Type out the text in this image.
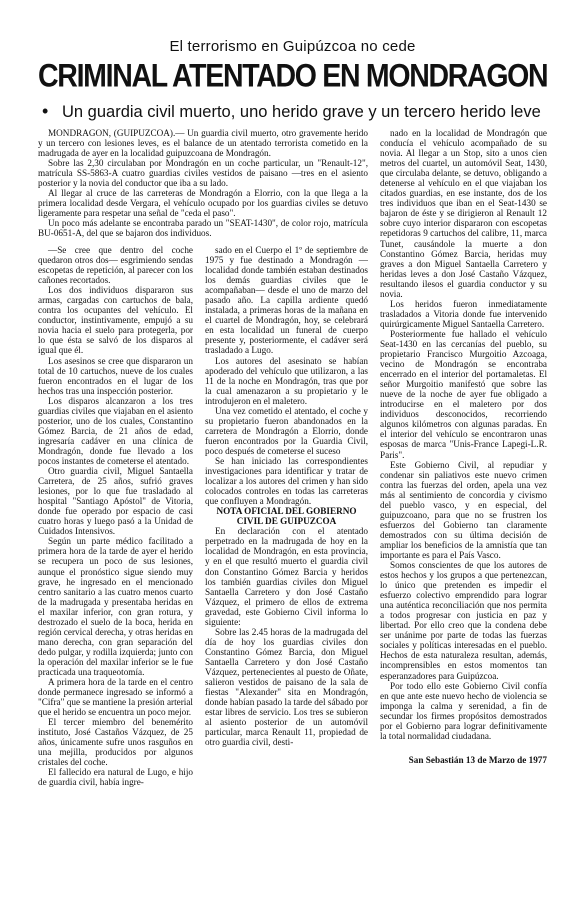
El terrorismo en Guipúzcoa no cede
CRIMINAL ATENTADO EN MONDRAGON
• Un guardia civil muerto, uno herido grave y un tercero herido leve

MONDRAGON, (GUIPUZCOA).— Un guardia civil muerto, otro gravemente herido y un tercero con lesiones leves, es el balance de un atentado terrorista cometido en la madrugada de ayer en la localidad guipuzcoana de Mondragón.

Sobre las 2,30 circulaban por Mondragón en un coche particular, un "Renault-12", matrícula SS-5863-A cuatro guardias civiles vestidos de paisano —tres en el asiento posterior y la novia del conductor que iba a su lado.

Al llegar al cruce de las carreteras de Mondragón a Elorrio, con la que llega a la primera localidad desde Vergara, el vehículo ocupado por los guardias civiles se detuvo ligeramente para respetar una señal de "ceda el paso".

Un poco más adelante se encontraba parado un "SEAT-1430", de color rojo, matrícula BU-0651-A, del que se bajaron dos individuos.

—Se cree que dentro del coche quedaron otros dos— esgrimiendo sendas escopetas de repetición, al parecer con los cañones recortados.

Los dos individuos dispararon sus armas, cargadas con cartuchos de bala, contra los ocupantes del vehículo. El conductor, instintivamente, empujó a su novia hacia el suelo para protegerla, por lo que ésta se salvó de los disparos al igual que él.

Los asesinos se cree que dispararon un total de 10 cartuchos, nueve de los cuales fueron encontrados en el lugar de los hechos tras una inspección posterior.

Los disparos alcanzaron a los tres guardias civiles que viajaban en el asiento posterior, uno de los cuales, Constantino Gómez Barcia, de 21 años de edad, ingresaría cadáver en una clínica de Mondragón, donde fue llevado a los pocos instantes de cometerse el atentado.

Otro guardia civil, Miguel Santaella Carretera, de 25 años, sufrió graves lesiones, por lo que fue trasladado al hospital "Santiago Apóstol" de Vitoria, donde fue operado por espacio de casi cuatro horas y luego pasó a la Unidad de Cuidados Intensivos.

Según un parte médico facilitado a primera hora de la tarde de ayer el herido se recupera un poco de sus lesiones, aunque el pronóstico sigue siendo muy grave, he ingresado en el mencionado centro sanitario a las cuatro menos cuarto de la madrugada y presentaba heridas en el maxilar inferior, con gran rotura, y destrozado el suelo de la boca, herida en región cervical derecha, y otras heridas en mano derecha, con gran separación del dedo pulgar, y rodilla izquierda; junto con la operación del maxilar inferior se le fue practicada una traqueotomía.

A primera hora de la tarde en el centro donde permanece ingresado se informó a "Cifra" que se mantiene la presión arterial que el herido se encuentra un poco mejor.

El tercer miembro del benemérito instituto, José Castaños Vázquez, de 25 años, únicamente sufre unos rasguños en una mejilla, producidos por algunos cristales del coche.

El fallecido era natural de Lugo, e hijo de guardia civil, había ingre-

sado en el Cuerpo el 1º de septiembre de 1975 y fue destinado a Mondragón —localidad donde también estaban destinados los demás guardias civiles que le acompañaban— desde el uno de marzo del pasado año. La capilla ardiente quedó instalada, a primeras horas de la mañana en el cuartel de Mondragón, hoy, se celebrará en esta localidad un funeral de cuerpo presente y, posteriormente, el cadáver será trasladado a Lugo.

Los autores del asesinato se habían apoderado del vehículo que utilizaron, a las 11 de la noche en Mondragón, tras que por la cual amenazaron a su propietario y le introdujeron en el maletero.

Una vez cometido el atentado, el coche y su propietario fueron abandonados en la carretera de Mondragón a Elorrio, donde fueron encontrados por la Guardia Civil, poco después de cometerse el suceso

Se han iniciado las correspondientes investigaciones para identificar y tratar de localizar a los autores del crimen y han sido colocados controles en todas las carreteras que confluyen a Mondragón.

NOTA OFICIAL DEL GOBIERNO CIVIL DE GUIPUZCOA

En declaración con el atentado perpetrado en la madrugada de hoy en la localidad de Mondragón, en esta provincia, y en el que resultó muerto el guardia civil don Constantino Gómez Barcia y heridos los también guardias civiles don Miguel Santaella Carretero y don José Castaño Vázquez, el primero de ellos de extrema gravedad, este Gobierno Civil informa lo siguiente:

Sobre las 2.45 horas de la madrugada del día de hoy los guardias civiles don Constantino Gómez Barcia, don Miguel Santaella Carretero y don José Castaño Vázquez, pertenecientes al puesto de Oñate, salieron vestidos de paisano de la sala de fiestas "Alexander" sita en Mondragón, donde habían pasado la tarde del sábado por estar libres de servicio. Los tres se subieron al asiento posterior de un automóvil particular, marca Renault 11, propiedad de otro guardia civil, desti-

nado en la localidad de Mondragón que conducía el vehículo acompañado de su novia. Al llegar a un Stop, sito a unos cien metros del cuartel, un automóvil Seat, 1430, que circulaba delante, se detuvo, obligando a detenerse al vehículo en el que viajaban los citados guardias, en ese instante, dos de los tres individuos que iban en el Seat-1430 se bajaron de éste y se dirigieron al Renault 12 sobre cuyo interior dispararon con escopetas repetidoras 9 cartuchos del calibre, 11, marca Tunet, causándole la muerte a don Constantino Gómez Barcia, heridas muy graves a don Miguel Santaella Carretero y heridas leves a don José Castaño Vázquez, resultando ilesos el guardia conductor y su novia.

Los heridos fueron inmediatamente trasladados a Vitoria donde fue intervenido quirúrgicamente Miguel Santaella Carretero.

Posteriormente fue hallado el vehículo Seat-1430 en las cercanías del pueblo, su propietario Francisco Murgoitio Azcoaga, vecino de Mondragón se encontraba encerrado en el interior del portamaletas. El señor Murgoitio manifestó que sobre las nueve de la noche de ayer fue obligado a introducirse en el maletero por dos individuos desconocidos, recorriendo algunos kilómetros con algunas paradas. En el interior del vehículo se encontraron unas esposas de marca "Unis-France Lapegi-L.R. Paris".

Este Gobierno Civil, al repudiar y condenar sin paliativos este nuevo crimen contra las fuerzas del orden, apela una vez más al sentimiento de concordia y civismo del pueblo vasco, y en especial, del guipuzcoano, para que no se frustren los esfuerzos del Gobierno tan claramente demostrados con su última decisión de ampliar los beneficios de la amnistía que tan importante es para el País Vasco.

Somos conscientes de que los autores de estos hechos y los grupos a que pertenezcan, lo único que pretenden es impedir el esfuerzo colectivo emprendido para lograr una auténtica reconciliación que nos permita a todos progresar con justicia en paz y libertad. Por ello creo que la condena debe ser unánime por parte de todas las fuerzas sociales y políticas interesadas en el pueblo. Hechos de esta naturaleza resultan, además, incomprensibles en estos momentos tan esperanzadores para Guipúzcoa.

Por todo ello este Gobierno Civil confía en que ante este nuevo hecho de violencia se imponga la calma y serenidad, a fin de secundar los firmes propósitos demostrados por el Gobierno para lograr definitivamente la total normalidad ciudadana.

San Sebastián 13 de Marzo de 1977
